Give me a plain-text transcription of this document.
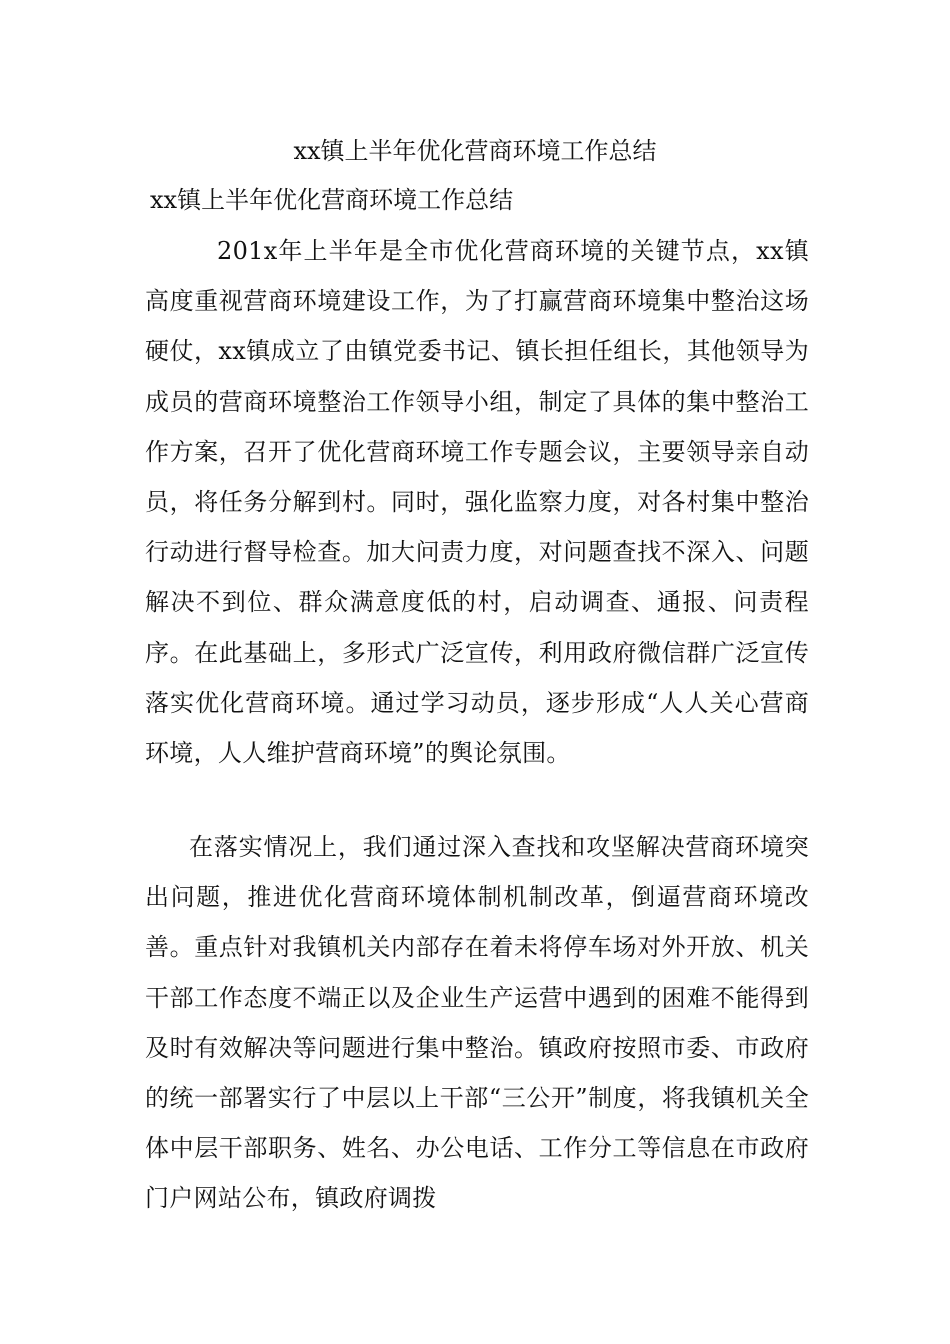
xx镇上半年优化营商环境工作总结

xx镇上半年优化营商环境工作总结

201x年上半年是全市优化营商环境的关键节点，xx镇高度重视营商环境建设工作，为了打赢营商环境集中整治这场硬仗，xx镇成立了由镇党委书记、镇长担任组长，其他领导为成员的营商环境整治工作领导小组，制定了具体的集中整治工作方案，召开了优化营商环境工作专题会议，主要领导亲自动员，将任务分解到村。同时，强化监察力度，对各村集中整治行动进行督导检查。加大问责力度，对问题查找不深入、问题解决不到位、群众满意度低的村，启动调查、通报、问责程序。在此基础上，多形式广泛宣传，利用政府微信群广泛宣传落实优化营商环境。通过学习动员，逐步形成“人人关心营商环境，人人维护营商环境”的舆论氛围。

在落实情况上，我们通过深入查找和攻坚解决营商环境突出问题，推进优化营商环境体制机制改革，倒逼营商环境改善。重点针对我镇机关内部存在着未将停车场对外开放、机关干部工作态度不端正以及企业生产运营中遇到的困难不能得到及时有效解决等问题进行集中整治。镇政府按照市委、市政府的统一部署实行了中层以上干部“三公开”制度，将我镇机关全体中层干部职务、姓名、办公电话、工作分工等信息在市政府门户网站公布，镇政府调拨
